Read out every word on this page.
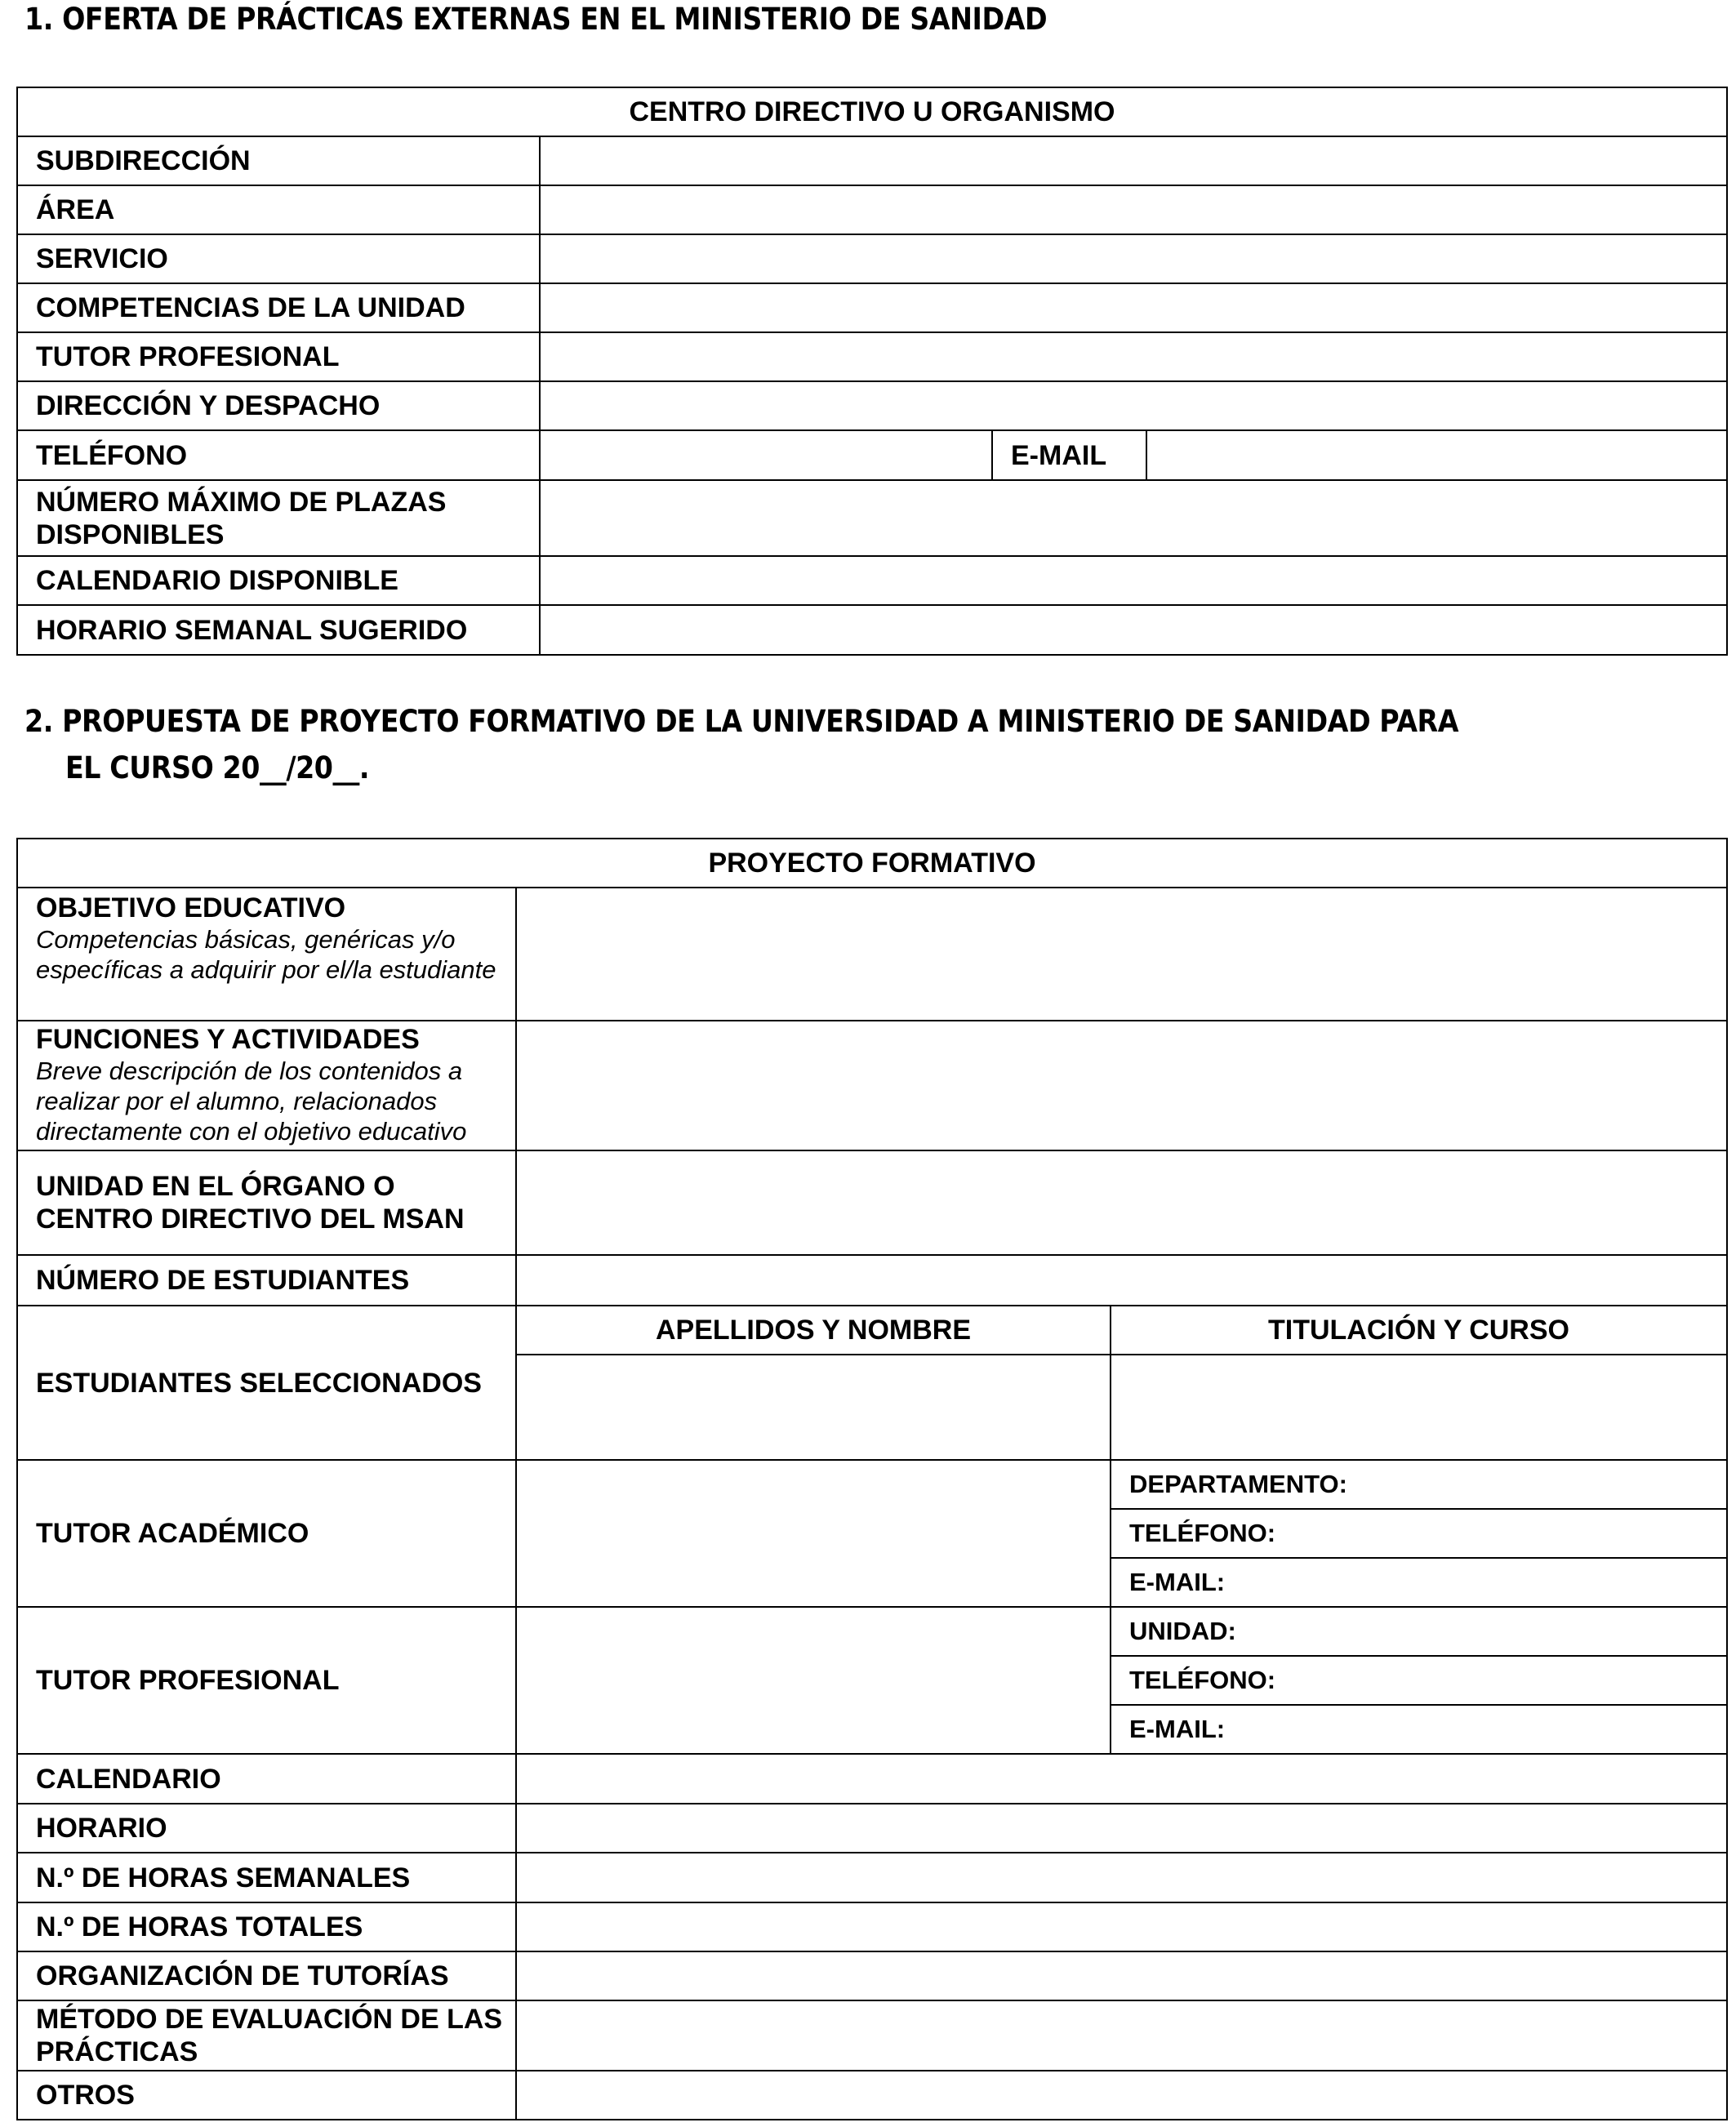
1. OFERTA DE PRÁCTICAS EXTERNAS EN EL MINISTERIO DE SANIDAD
CENTRO DIRECTIVO U ORGANISMO			
SUBDIRECCIÓN			
ÁREA			
SERVICIO			
COMPETENCIAS DE LA UNIDAD			
TUTOR PROFESIONAL			
DIRECCIÓN Y DESPACHO			
TELÉFONO		E-MAIL	
NÚMERO MÁXIMO DE PLAZAS DISPONIBLES			
CALENDARIO DISPONIBLE			
HORARIO SEMANAL SUGERIDO			
2. PROPUESTA DE PROYECTO FORMATIVO DE LA UNIVERSIDAD A MINISTERIO DE SANIDAD PARA
EL CURSO 20__/20__.
PROYECTO FORMATIVO		
OBJETIVO EDUCATIVO
Competencias básicas, genéricas y/o específicas a adquirir por el/la estudiante		

FUNCIONES Y ACTIVIDADES
Breve descripción de los contenidos a realizar por el alumno, relacionados directamente con el objetivo educativo		

UNIDAD EN EL ÓRGANO O CENTRO DIRECTIVO DEL MSAN		
NÚMERO DE ESTUDIANTES		
ESTUDIANTES SELECCIONADOS	APELLIDOS Y NOMBRE	TITULACIÓN Y CURSO

TUTOR ACADÉMICO		DEPARTAMENTO:
		TELÉFONO:
		E-MAIL:
TUTOR PROFESIONAL		UNIDAD:
		TELÉFONO:
		E-MAIL:
CALENDARIO		
HORARIO		
N.º DE HORAS SEMANALES		
N.º DE HORAS TOTALES		
ORGANIZACIÓN DE TUTORÍAS		
MÉTODO DE EVALUACIÓN DE LAS PRÁCTICAS		
OTROS		
